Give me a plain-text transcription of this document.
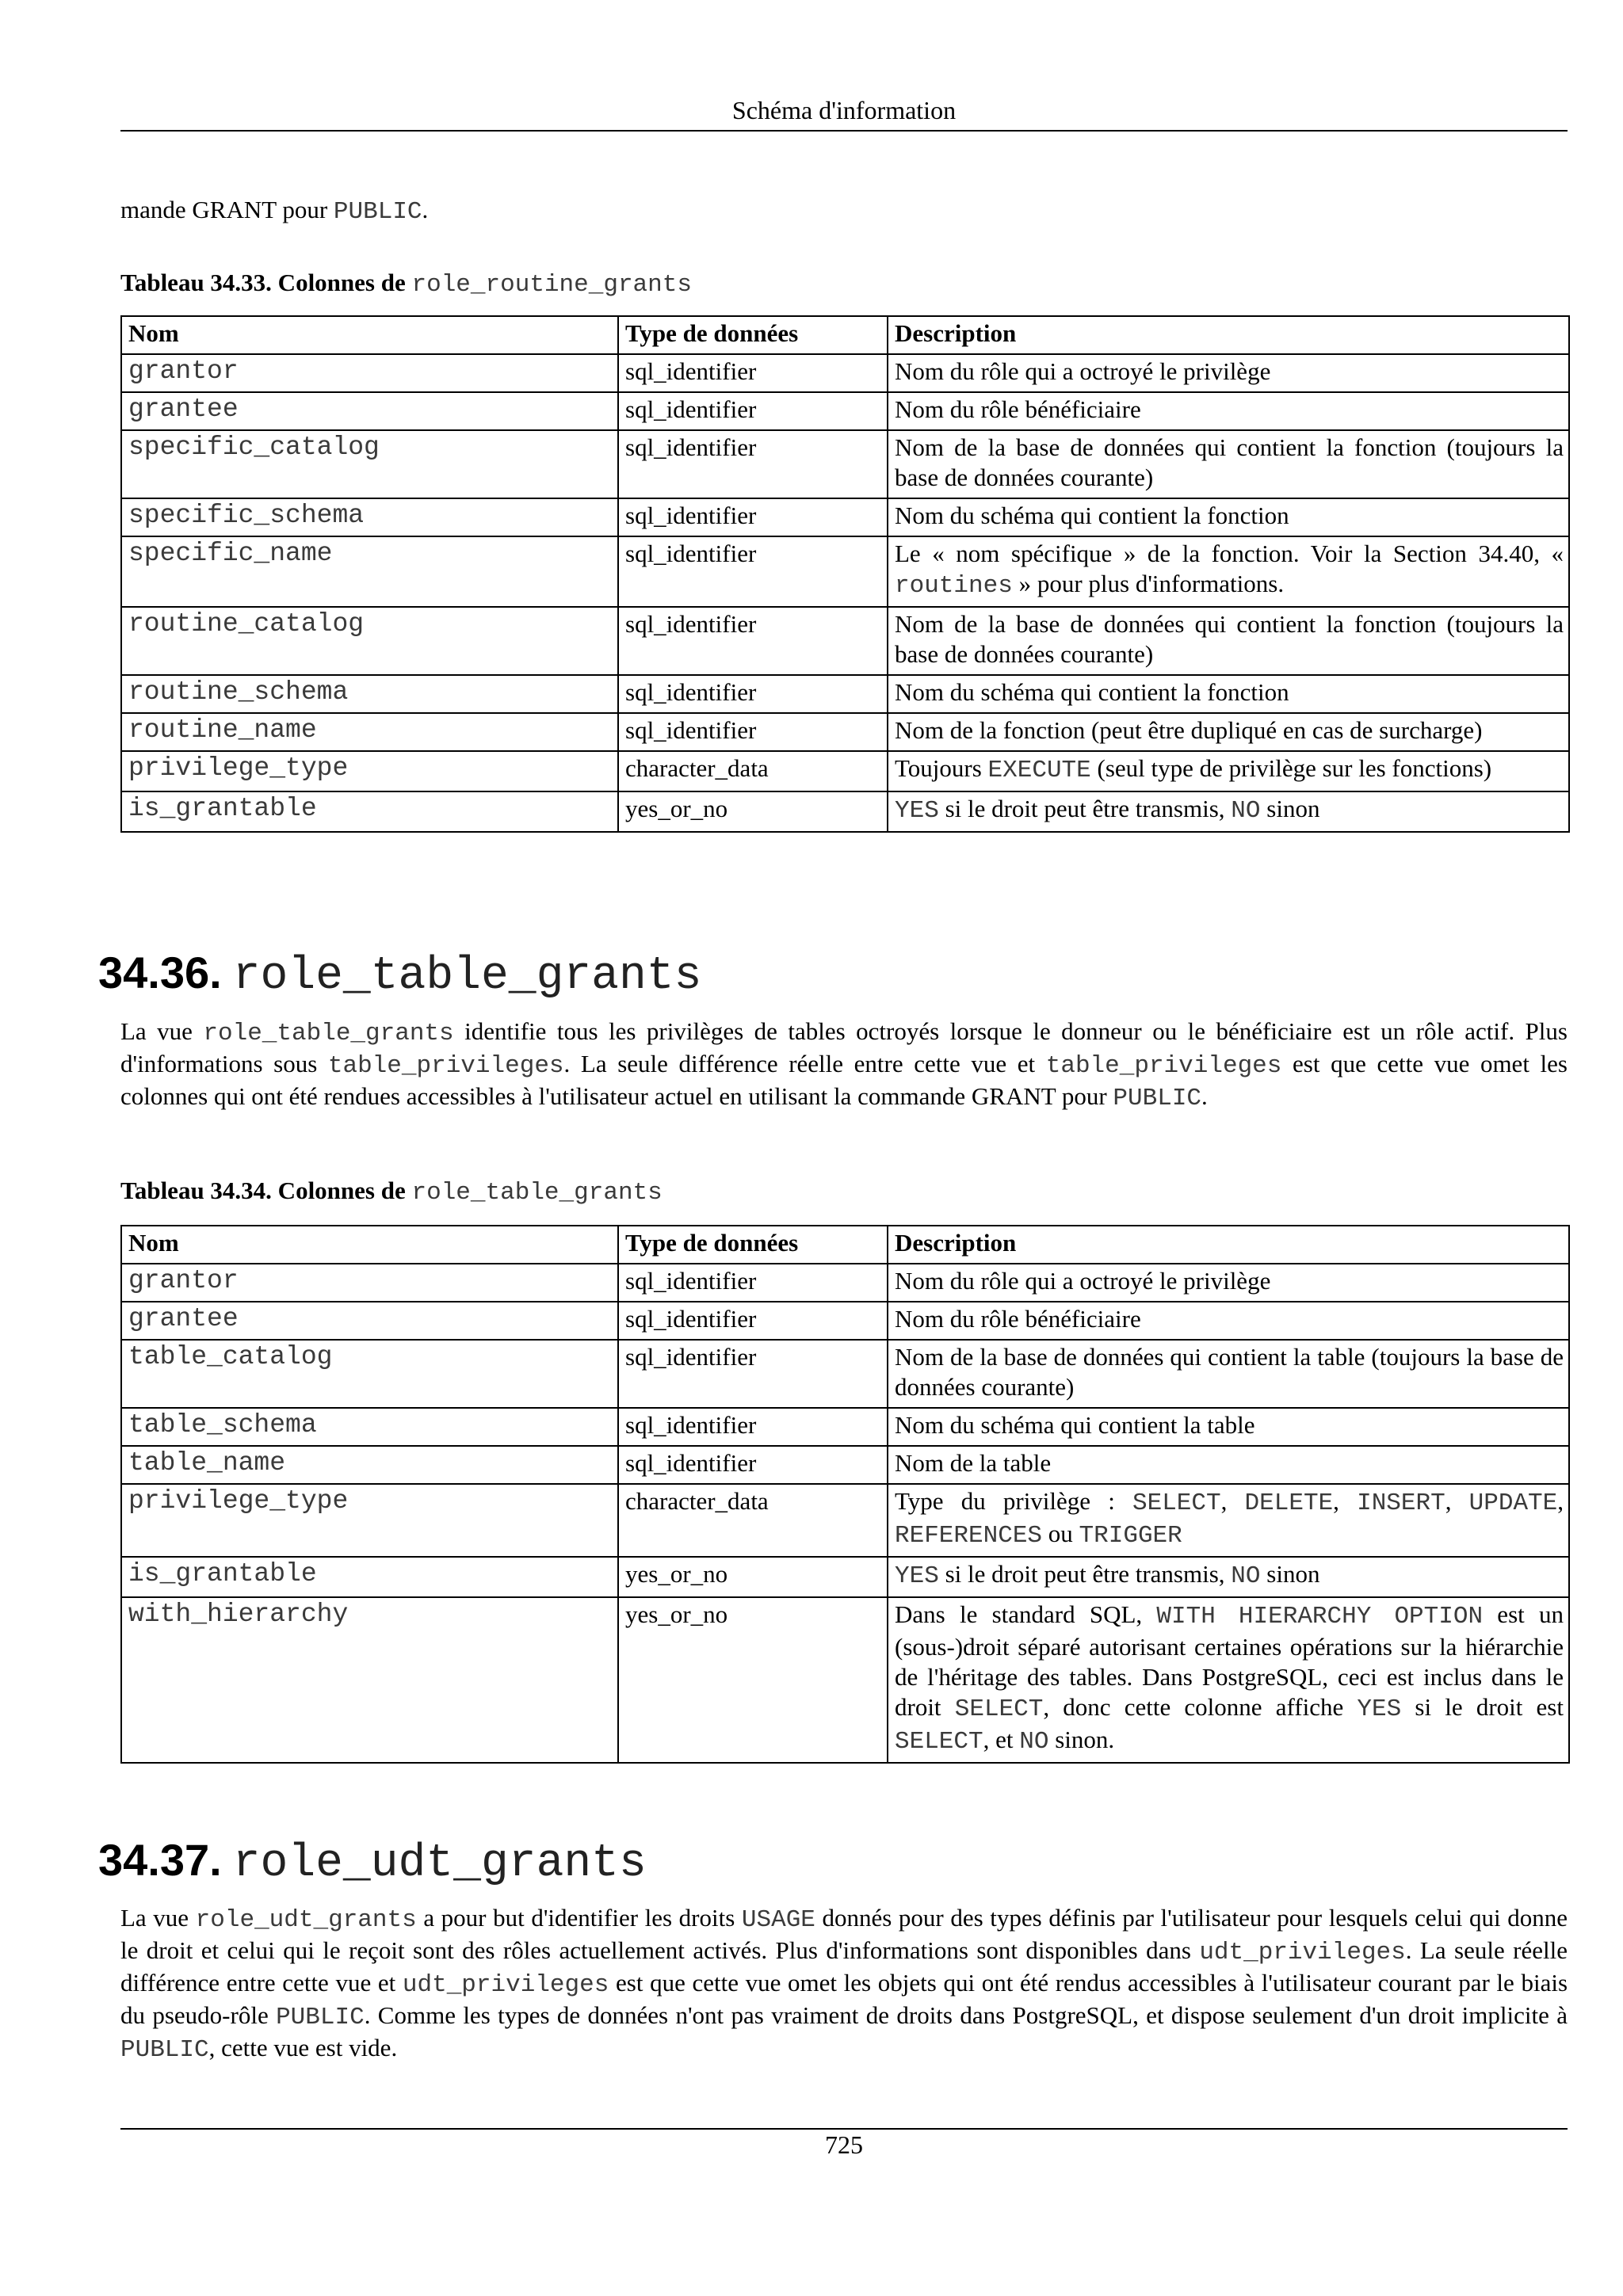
Schéma d'information
mande GRANT pour PUBLIC.
Tableau 34.33. Colonnes de role_routine_grants
Nom	Type de données	Description
grantor	sql_identifier	Nom du rôle qui a octroyé le privilège
grantee	sql_identifier	Nom du rôle bénéficiaire
specific_catalog	sql_identifier	Nom de la base de données qui contient la fonction (toujours la base de données courante)
specific_schema	sql_identifier	Nom du schéma qui contient la fonction
specific_name	sql_identifier	Le « nom spécifique » de la fonction. Voir la Section 34.40, « routines » pour plus d'informations.
routine_catalog	sql_identifier	Nom de la base de données qui contient la fonction (toujours la base de données courante)
routine_schema	sql_identifier	Nom du schéma qui contient la fonction
routine_name	sql_identifier	Nom de la fonction (peut être dupliqué en cas de surcharge)
privilege_type	character_data	Toujours EXECUTE (seul type de privilège sur les fonctions)
is_grantable	yes_or_no	YES si le droit peut être transmis, NO sinon
34.36. role_table_grants
La vue role_table_grants identifie tous les privilèges de tables octroyés lorsque le donneur ou le bénéficiaire est un rôle actif. Plus d'informations sous table_privileges. La seule différence réelle entre cette vue et table_privileges est que cette vue omet les colonnes qui ont été rendues accessibles à l'utilisateur actuel en utilisant la commande GRANT pour PUBLIC.
Tableau 34.34. Colonnes de role_table_grants
Nom	Type de données	Description
grantor	sql_identifier	Nom du rôle qui a octroyé le privilège
grantee	sql_identifier	Nom du rôle bénéficiaire
table_catalog	sql_identifier	Nom de la base de données qui contient la table (toujours la base de données courante)
table_schema	sql_identifier	Nom du schéma qui contient la table
table_name	sql_identifier	Nom de la table
privilege_type	character_data	Type du privilège : SELECT, DELETE, INSERT, UPDATE, REFERENCES ou TRIGGER
is_grantable	yes_or_no	YES si le droit peut être transmis, NO sinon
with_hierarchy	yes_or_no	Dans le standard SQL, WITH HIERARCHY OPTION est un (sous-)droit séparé autorisant certaines opérations sur la hiérarchie de l'héritage des tables. Dans PostgreSQL, ceci est inclus dans le droit SELECT, donc cette colonne affiche YES si le droit est SELECT, et NO sinon.
34.37. role_udt_grants
La vue role_udt_grants a pour but d'identifier les droits USAGE donnés pour des types définis par l'utilisateur pour lesquels celui qui donne le droit et celui qui le reçoit sont des rôles actuellement activés. Plus d'informations sont disponibles dans udt_privileges. La seule réelle différence entre cette vue et udt_privileges est que cette vue omet les objets qui ont été rendus accessibles à l'utilisateur courant par le biais du pseudo-rôle PUBLIC. Comme les types de données n'ont pas vraiment de droits dans PostgreSQL, et dispose seulement d'un droit implicite à PUBLIC, cette vue est vide.
725
